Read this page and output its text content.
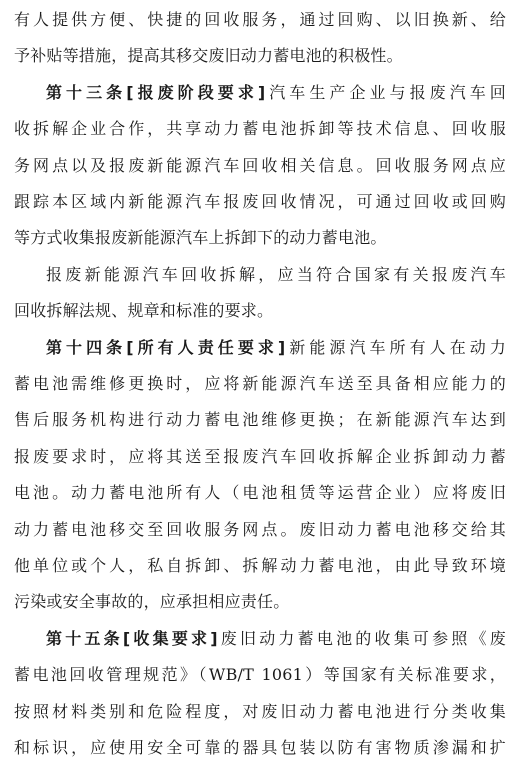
有人提供方便、快捷的回收服务，通过回购、以旧换新、给
予补贴等措施，提高其移交废旧动力蓄电池的积极性。
第十三条[报废阶段要求]汽车生产企业与报废汽车回
收拆解企业合作，共享动力蓄电池拆卸等技术信息、回收服
务网点以及报废新能源汽车回收相关信息。回收服务网点应
跟踪本区域内新能源汽车报废回收情况，可通过回收或回购
等方式收集报废新能源汽车上拆卸下的动力蓄电池。
报废新能源汽车回收拆解，应当符合国家有关报废汽车
回收拆解法规、规章和标准的要求。
第十四条[所有人责任要求]新能源汽车所有人在动力
蓄电池需维修更换时，应将新能源汽车送至具备相应能力的
售后服务机构进行动力蓄电池维修更换；在新能源汽车达到
报废要求时，应将其送至报废汽车回收拆解企业拆卸动力蓄
电池。动力蓄电池所有人（电池租赁等运营企业）应将废旧
动力蓄电池移交至回收服务网点。废旧动力蓄电池移交给其
他单位或个人，私自拆卸、拆解动力蓄电池，由此导致环境
污染或安全事故的，应承担相应责任。
第十五条[收集要求]废旧动力蓄电池的收集可参照《废
蓄电池回收管理规范》（WB/T 1061）等国家有关标准要求，
按照材料类别和危险程度，对废旧动力蓄电池进行分类收集
和标识，应使用安全可靠的器具包装以防有害物质渗漏和扩
